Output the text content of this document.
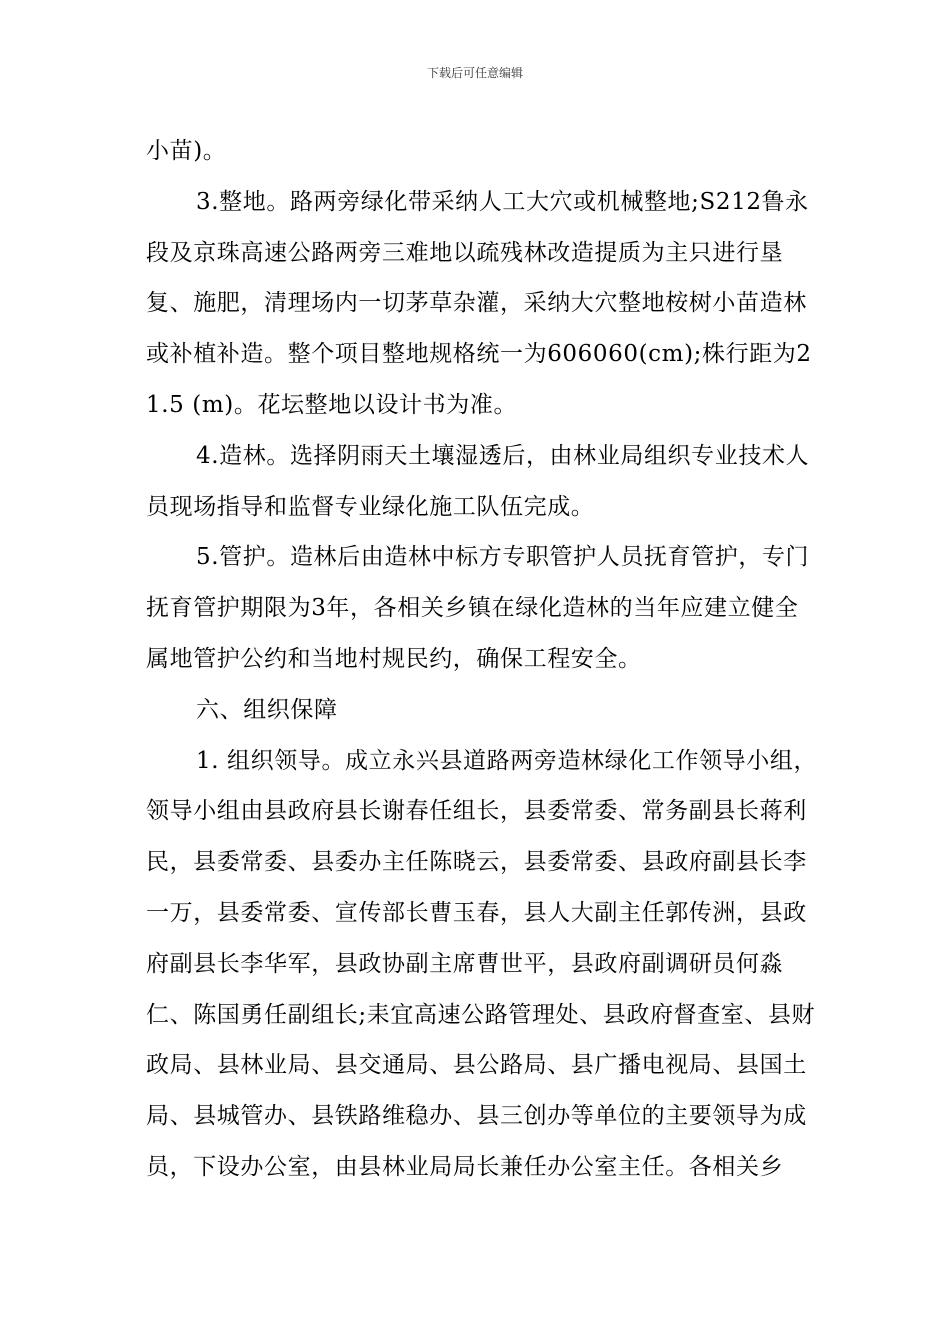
下载后可任意编辑

小苗)。

3.整地。路两旁绿化带采纳人工大穴或机械整地;S212鲁永段及京珠高速公路两旁三难地以疏残林改造提质为主只进行垦复、施肥，清理场内一切茅草杂灌，采纳大穴整地桉树小苗造林或补植补造。整个项目整地规格统一为606060(cm);株行距为21.5 (m)。花坛整地以设计书为准。

4.造林。选择阴雨天土壤湿透后，由林业局组织专业技术人员现场指导和监督专业绿化施工队伍完成。

5.管护。造林后由造林中标方专职管护人员抚育管护，专门抚育管护期限为3年，各相关乡镇在绿化造林的当年应建立健全属地管护公约和当地村规民约，确保工程安全。

六、组织保障

1. 组织领导。成立永兴县道路两旁造林绿化工作领导小组，领导小组由县政府县长谢春任组长，县委常委、常务副县长蒋利民，县委常委、县委办主任陈晓云，县委常委、县政府副县长李一万，县委常委、宣传部长曹玉春，县人大副主任郭传洲，县政府副县长李华军，县政协副主席曹世平，县政府副调研员何淼仁、陈国勇任副组长;耒宜高速公路管理处、县政府督查室、县财政局、县林业局、县交通局、县公路局、县广播电视局、县国土局、县城管办、县铁路维稳办、县三创办等单位的主要领导为成员，下设办公室，由县林业局局长兼任办公室主任。各相关乡
